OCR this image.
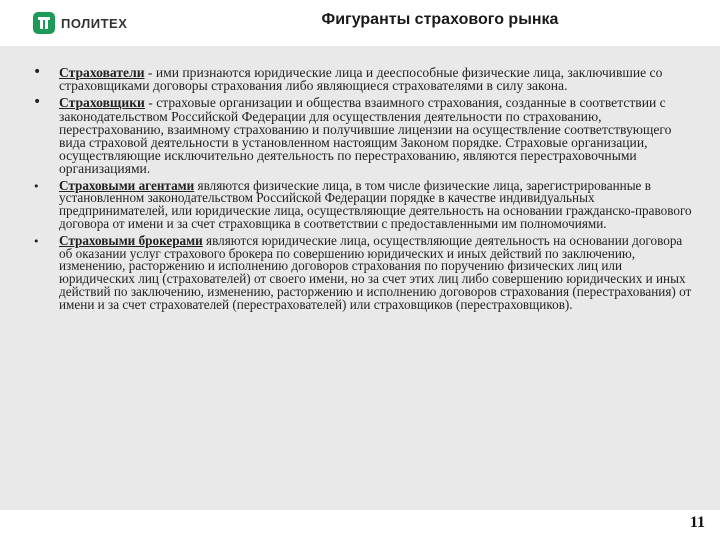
ПОЛИТЕХ	Фигуранты страхового рынка
• Страхователи - ими признаются юридические лица и дееспособные физические лица, заключившие со страховщиками договоры страхования либо являющиеся страхователями в силу закона.
• Страховщики - страховые организации и общества взаимного страхования, созданные в соответствии с законодательством Российской Федерации для осуществления деятельности по страхованию, перестрахованию, взаимному страхованию и получившие лицензии на осуществление соответствующего вида страховой деятельности в установленном настоящим Законом порядке. Страховые организации, осуществляющие исключительно деятельность по перестрахованию, являются перестраховочными организациями.
• Страховыми агентами являются физические лица, в том числе физические лица, зарегистрированные в установленном законодательством Российской Федерации порядке в качестве индивидуальных предпринимателей, или юридические лица, осуществляющие деятельность на основании гражданско-правового договора от имени и за счет страховщика в соответствии с предоставленными им полномочиями.
• Страховыми брокерами являются юридические лица, осуществляющие деятельность на основании договора об оказании услуг страхового брокера по совершению юридических и иных действий по заключению, изменению, расторжению и исполнению договоров страхования по поручению физических лиц или юридических лиц (страхователей) от своего имени, но за счет этих лиц либо совершению юридических и иных действий по заключению, изменению, расторжению и исполнению договоров страхования (перестрахования) от имени и за счет страхователей (перестрахователей) или страховщиков (перестраховщиков).
11
